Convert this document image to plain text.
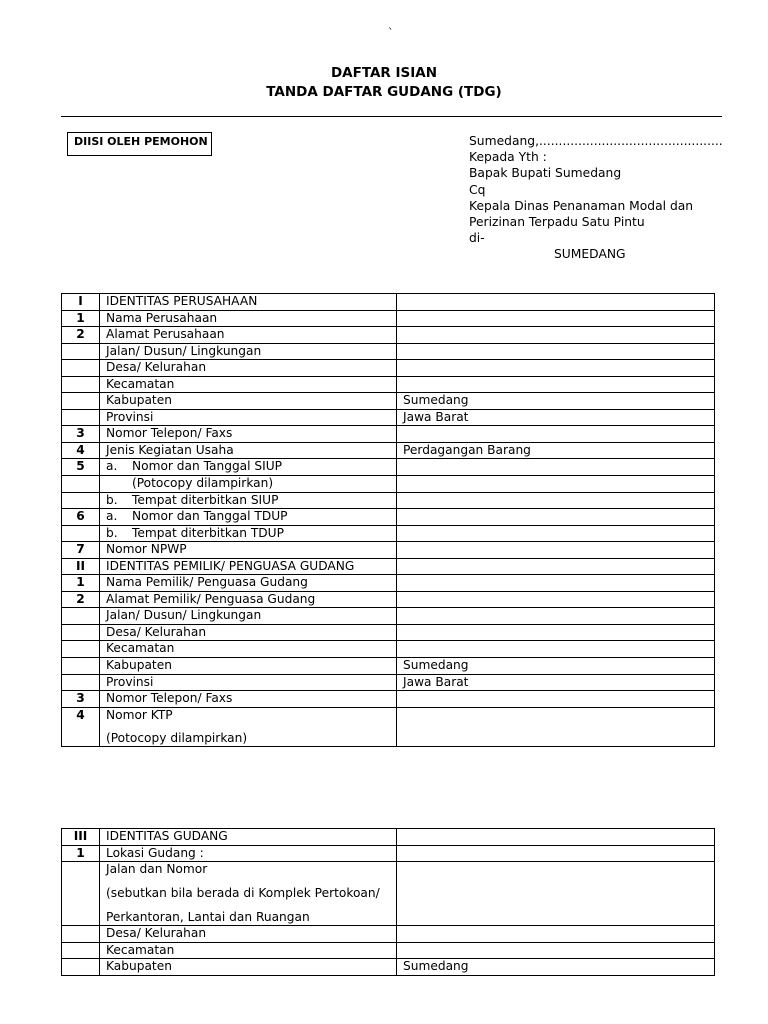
`
DAFTAR ISIAN
TANDA DAFTAR GUDANG (TDG)
DIISI OLEH PEMOHON	Sumedang,...............................................
Kepada Yth :
Bapak Bupati Sumedang
Cq
Kepala Dinas Penanaman Modal dan
Perizinan Terpadu Satu Pintu
di-
SUMEDANG
I	IDENTITAS PERUSAHAAN	
1	Nama Perusahaan	
2	Alamat Perusahaan	
	Jalan/ Dusun/ Lingkungan	
	Desa/ Kelurahan	
	Kecamatan	
	Kabupaten	Sumedang
	Provinsi	Jawa Barat
3	Nomor Telepon/ Faxs	
4	Jenis Kegiatan Usaha	Perdagangan Barang
5	a. Nomor dan Tanggal SIUP	
	(Potocopy dilampirkan)	
	b. Tempat diterbitkan SIUP	
6	a. Nomor dan Tanggal TDUP	
	b. Tempat diterbitkan TDUP	
7	Nomor NPWP	
II	IDENTITAS PEMILIK/ PENGUASA GUDANG	
1	Nama Pemilik/ Penguasa Gudang	
2	Alamat Pemilik/ Penguasa Gudang	
	Jalan/ Dusun/ Lingkungan	
	Desa/ Kelurahan	
	Kecamatan	
	Kabupaten	Sumedang
	Provinsi	Jawa Barat
3	Nomor Telepon/ Faxs	
4	Nomor KTP
(Potocopy dilampirkan)	
III	IDENTITAS GUDANG	
1	Lokasi Gudang :	
	Jalan dan Nomor
(sebutkan bila berada di Komplek Pertokoan/
Perkantoran, Lantai dan Ruangan	
	Desa/ Kelurahan	
	Kecamatan	
	Kabupaten	Sumedang
